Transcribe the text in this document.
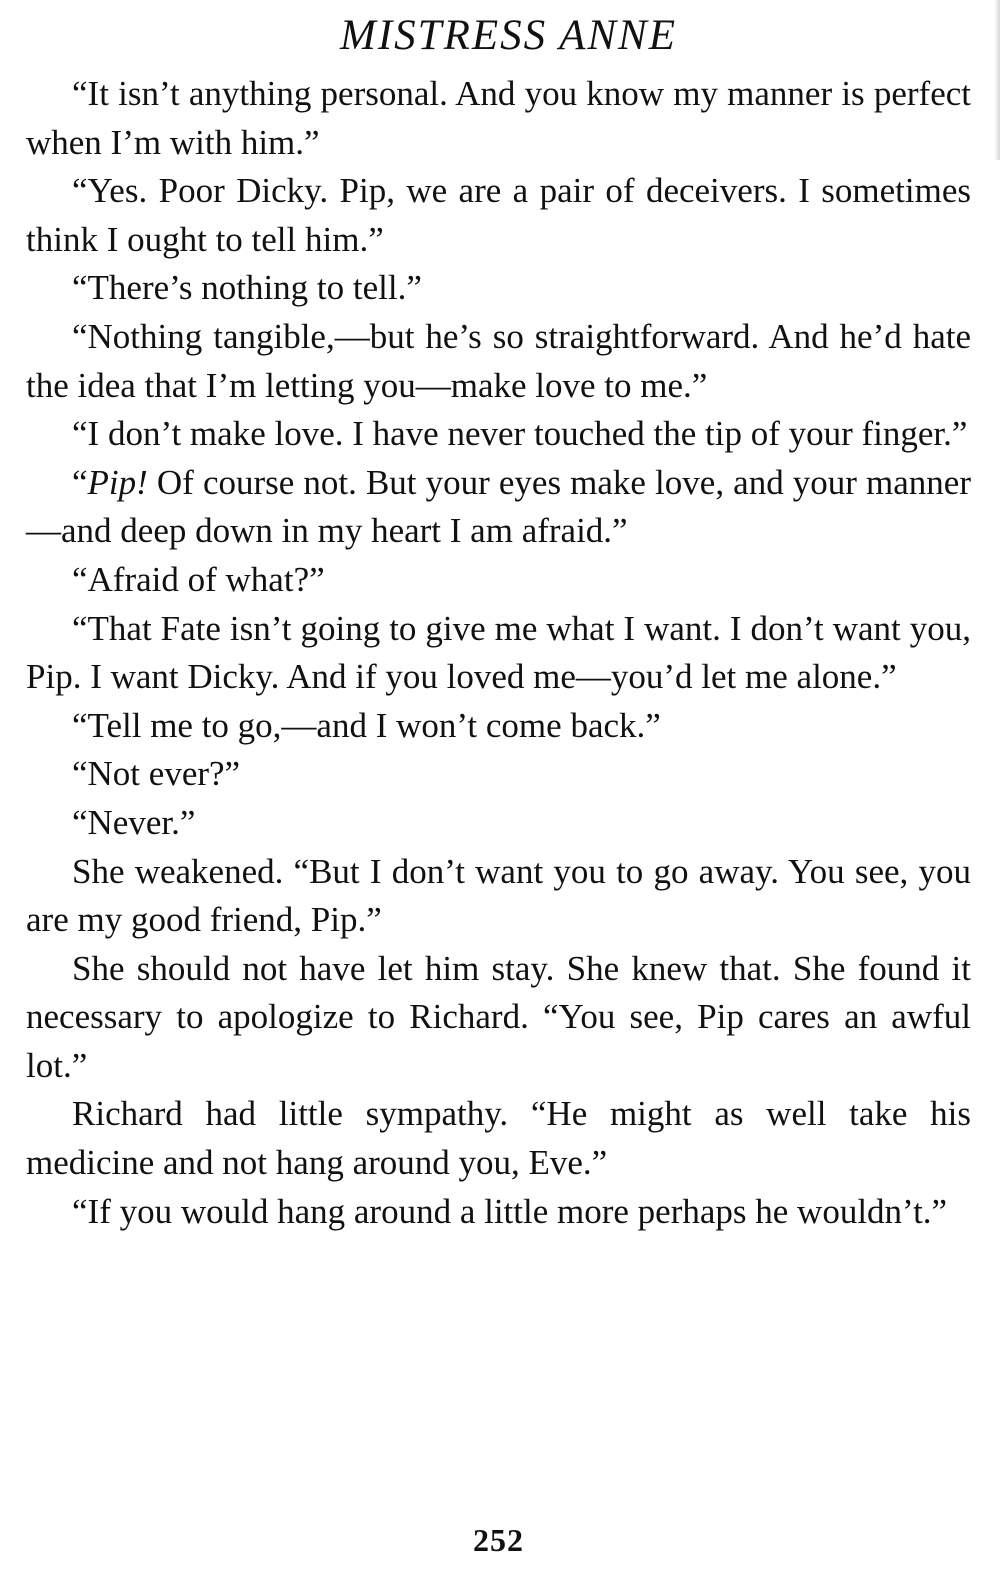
MISTRESS ANNE

“It isn’t anything personal. And you know my manner is perfect when I’m with him.”

“Yes. Poor Dicky. Pip, we are a pair of deceivers. I sometimes think I ought to tell him.”

“There’s nothing to tell.”

“Nothing tangible,—but he’s so straightforward. And he’d hate the idea that I’m letting you—make love to me.”

“I don’t make love. I have never touched the tip of your finger.”

“Pip! Of course not. But your eyes make love, and your manner—and deep down in my heart I am afraid.”

“Afraid of what?”

“That Fate isn’t going to give me what I want. I don’t want you, Pip. I want Dicky. And if you loved me—you’d let me alone.”

“Tell me to go,—and I won’t come back.”

“Not ever?”

“Never.”

She weakened. “But I don’t want you to go away. You see, you are my good friend, Pip.”

She should not have let him stay. She knew that. She found it necessary to apologize to Richard. “You see, Pip cares an awful lot.”

Richard had little sympathy. “He might as well take his medicine and not hang around you, Eve.”

“If you would hang around a little more perhaps he wouldn’t.”

252
